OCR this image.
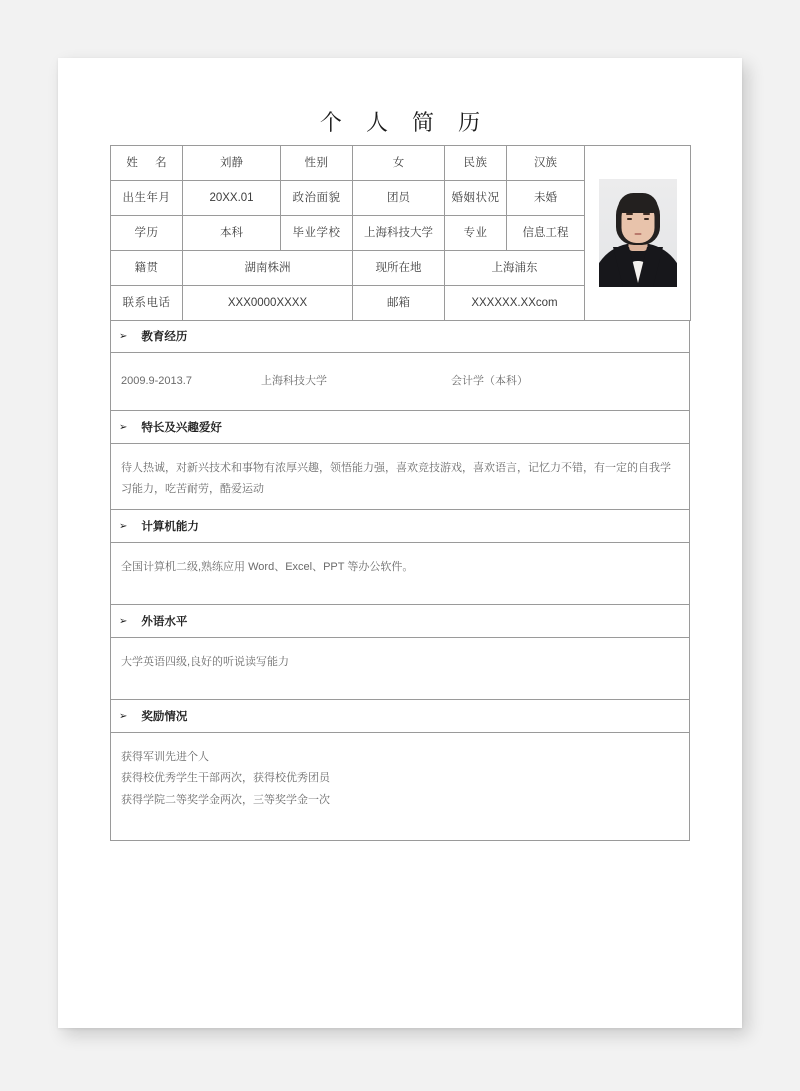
个 人 简 历
姓 名	刘静	性别	女	民族	汉族	

出生年月	20XX.01	政治面貌	团员	婚姻状况	未婚	
学历	本科	毕业学校	上海科技大学	专业	信息工程	
籍贯	湖南株洲		现所在地	上海浦东		
联系电话	XXX0000XXXX		邮箱	XXXXXX.XXcom		
➢ 教育经历
2009.9-2013.7	上海科技大学	会计学（本科）
➢ 特长及兴趣爱好
待人热诚，对新兴技术和事物有浓厚兴趣，领悟能力强，喜欢竞技游戏，喜欢语言，记忆力不错，有一定的自我学习能力，吃苦耐劳，酷爱运动
➢ 计算机能力
全国计算机二级,熟练应用 Word、Excel、PPT 等办公软件。
➢ 外语水平
大学英语四级,良好的听说读写能力
➢ 奖励情况
获得军训先进个人
获得校优秀学生干部两次，获得校优秀团员
获得学院二等奖学金两次，三等奖学金一次
